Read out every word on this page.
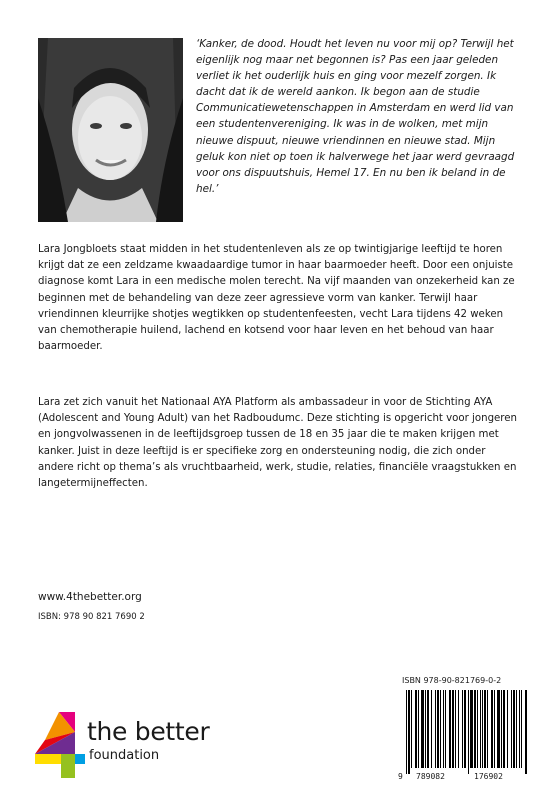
‘Kanker, de dood. Houdt het leven nu voor mij op? Terwijl het eigenlijk nog maar net begonnen is? Pas een jaar geleden verliet ik het ouderlijk huis en ging voor mezelf zorgen. Ik dacht dat ik de wereld aankon. Ik begon aan de studie Communicatiewetenschappen in Amsterdam en werd lid van een studentenvereniging. Ik was in de wolken, met mijn nieuwe dispuut, nieuwe vriendinnen en nieuwe stad. Mijn geluk kon niet op toen ik halverwege het jaar werd gevraagd voor ons dispuutshuis, Hemel 17. En nu ben ik beland in de hel.’

Lara Jongbloets staat midden in het studentenleven als ze op twintigjarige leeftijd te horen krijgt dat ze een zeldzame kwaadaardige tumor in haar baarmoeder heeft. Door een onjuiste diagnose komt Lara in een medische molen terecht. Na vijf maanden van onzekerheid kan ze beginnen met de behandeling van deze zeer agressieve vorm van kanker. Terwijl haar vriendinnen kleurrijke shotjes wegtikken op studentenfeesten, vecht Lara tijdens 42 weken van chemotherapie huilend, lachend en kotsend voor haar leven en het behoud van haar baarmoeder.

Lara zet zich vanuit het Nationaal AYA Platform als ambassadeur in voor de Stichting AYA (Adolescent and Young Adult) van het Radboudumc. Deze stichting is opgericht voor jongeren en jongvolwassenen in de leeftijdsgroep tussen de 18 en 35 jaar die te maken krijgen met kanker. Juist in deze leeftijd is er specifieke zorg en ondersteuning nodig, die zich onder andere richt op thema’s als vruchtbaarheid, werk, studie, relaties, financiële vraagstukken en langetermijneffecten.

www.4thebetter.org

ISBN: 978 90 821 7690 2

the better

foundation

ISBN 978-90-821769-0-2

9 789082	176902
